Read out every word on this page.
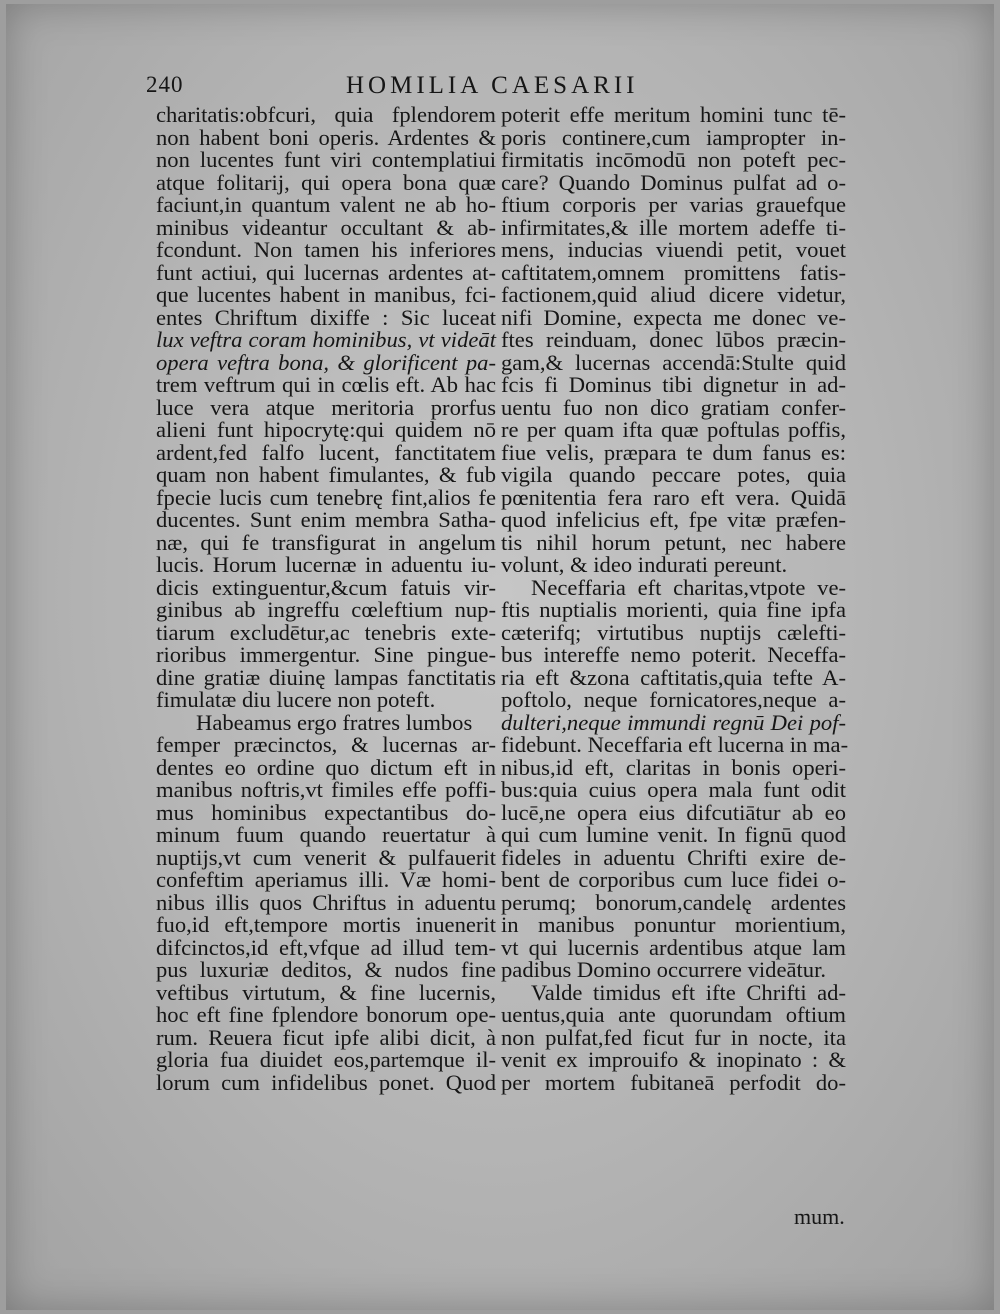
240	HOMILIA CAESARII
charitatis:obfcuri, quia fplendorem
non habent boni operis. Ardentes &
non lucentes funt viri contemplatiui
atque folitarij, qui opera bona quæ
faciunt,in quantum valent ne ab ho-
minibus videantur occultant & ab-
fcondunt. Non tamen his inferiores
funt actiui, qui lucernas ardentes at-
que lucentes habent in manibus, fci-
entes Chriftum dixiffe : Sic luceat
lux veftra coram hominibus, vt videāt
opera veftra bona, & glorificent pa-
trem veftrum qui in cœlis eft. Ab hac
luce vera atque meritoria prorfus
alieni funt hipocrytę:qui quidem nō
ardent,fed falfo lucent, fanctitatem
quam non habent fimulantes, & fub
fpecie lucis cum tenebrę fint,alios fe
ducentes. Sunt enim membra Satha-
næ, qui fe transfigurat in angelum
lucis. Horum lucernæ in aduentu iu-
dicis extinguentur,&cum fatuis vir-
ginibus ab ingreffu cœleftium nup-
tiarum excludētur,ac tenebris exte-
rioribus immergentur. Sine pingue-
dine gratiæ diuinę lampas fanctitatis
fimulatæ diu lucere non poteft.
Habeamus ergo fratres lumbos
femper præcinctos, & lucernas ar-
dentes eo ordine quo dictum eft in
manibus noftris,vt fimiles effe poffi-
mus hominibus expectantibus do-
minum fuum quando reuertatur à
nuptijs,vt cum venerit & pulfauerit
confeftim aperiamus illi. Væ homi-
nibus illis quos Chriftus in aduentu
fuo,id eft,tempore mortis inuenerit
difcinctos,id eft,vfque ad illud tem-
pus luxuriæ deditos, & nudos fine
veftibus virtutum, & fine lucernis,
hoc eft fine fplendore bonorum ope-
rum. Reuera ficut ipfe alibi dicit, à
gloria fua diuidet eos,partemque il-
lorum cum infidelibus ponet. Quod
poterit effe meritum homini tunc tē-
poris continere,cum iampropter in-
firmitatis incōmodū non poteft pec-
care? Quando Dominus pulfat ad o-
ftium corporis per varias grauefque
infirmitates,& ille mortem adeffe ti-
mens, inducias viuendi petit, vouet
caftitatem,omnem promittens fatis-
factionem,quid aliud dicere videtur,
nifi Domine, expecta me donec ve-
ftes reinduam, donec lūbos præcin-
gam,& lucernas accendā:Stulte quid
fcis fi Dominus tibi dignetur in ad-
uentu fuo non dico gratiam confer-
re per quam ifta quæ poftulas poffis,
fiue velis, præpara te dum fanus es:
vigila quando peccare potes, quia
pœnitentia fera raro eft vera. Quidā
quod infelicius eft, fpe vitæ præfen-
tis nihil horum petunt, nec habere
volunt, & ideo indurati pereunt.
Neceffaria eft charitas,vtpote ve-
ftis nuptialis morienti, quia fine ipfa
cæterifq; virtutibus nuptijs cælefti-
bus intereffe nemo poterit. Neceffa-
ria eft &zona caftitatis,quia tefte A-
poftolo, neque fornicatores,neque a-
dulteri,neque immundi regnū Dei pof-
fidebunt. Neceffaria eft lucerna in ma-
nibus,id eft, claritas in bonis operi-
bus:quia cuius opera mala funt odit
lucē,ne opera eius difcutiātur ab eo
qui cum lumine venit. In fignū quod
fideles in aduentu Chrifti exire de-
bent de corporibus cum luce fidei o-
perumq; bonorum,candelę ardentes
in manibus ponuntur morientium,
vt qui lucernis ardentibus atque lam
padibus Domino occurrere videātur.
Valde timidus eft ifte Chrifti ad-
uentus,quia ante quorundam oftium
non pulfat,fed ficut fur in nocte, ita
venit ex improuifo & inopinato : &
per mortem fubitaneā perfodit do-
mum.
